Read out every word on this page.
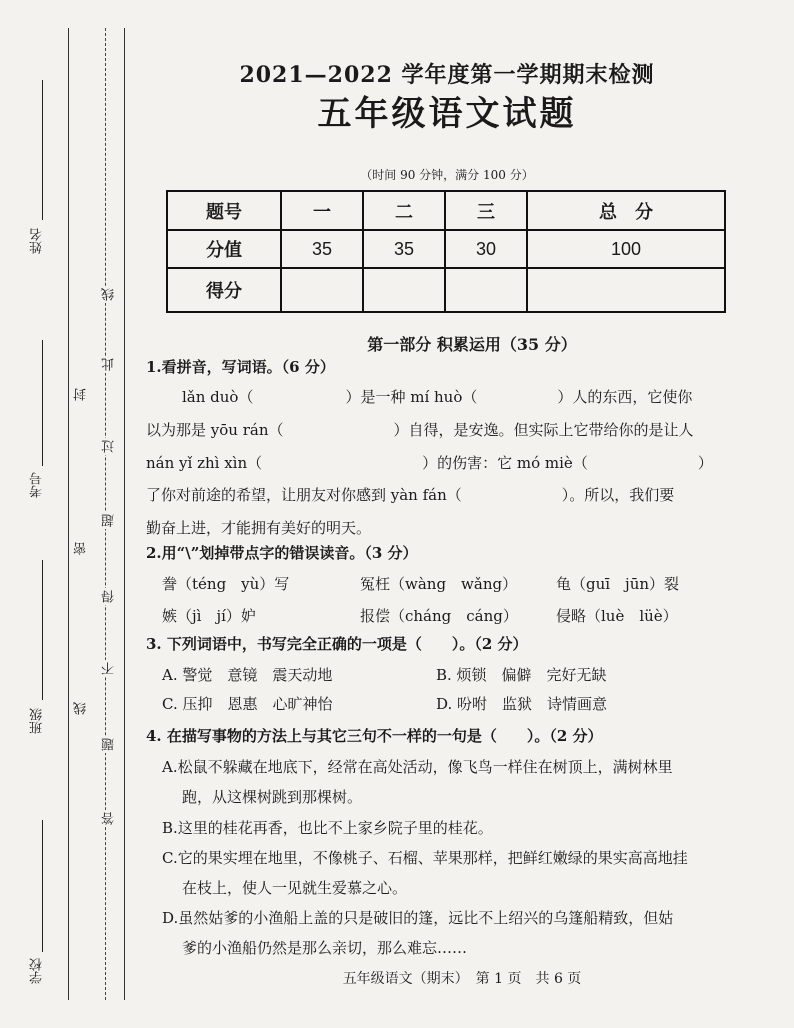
姓名
考号
班级
学校
线
封
密
此
过
超
得
不
题
答
线
2021—2022 学年度第一学期期末检测
五年级语文试题
（时间 90 分钟，满分 100 分）
题号	一	二	三	总　分
分值	35	35	30	100
得分				
第一部分 积累运用（35 分）
1.看拼音，写词语。（6 分）
lǎn duò（	）是一种 mí huò（	）人的东西，它使你
以为那是 yōu rán（	）自得，是安逸。但实际上它带给你的是让人
nán yǐ zhì xìn（	）的伤害：它 mó miè（	）
了你对前途的希望，让朋友对你感到 yàn fán（	）。所以，我们要
勤奋上进，才能拥有美好的明天。
2.用“\”划掉带点字的错误读音。（3 分）
誊（téng　yù）写	冤枉（wàng　wǎng）	龟（guī　jūn）裂
嫉（jì　jí）妒	报偿（cháng　cáng）	侵略（luè　lüè）
3. 下列词语中，书写完全正确的一项是（　　）。（2 分）
A. 警觉　意镜　震天动地	B. 烦锁　偏僻　完好无缺
C. 压抑　恩惠　心旷神怡	D. 吩咐　监狱　诗情画意
4. 在描写事物的方法上与其它三句不一样的一句是（　　）。（2 分）
A.松鼠不躲藏在地底下，经常在高处活动，像飞鸟一样住在树顶上，满树林里
跑，从这棵树跳到那棵树。
B.这里的桂花再香，也比不上家乡院子里的桂花。
C.它的果实埋在地里，不像桃子、石榴、苹果那样，把鲜红嫩绿的果实高高地挂
在枝上，使人一见就生爱慕之心。
D.虽然姑爹的小渔船上盖的只是破旧的篷，远比不上绍兴的乌篷船精致，但姑
爹的小渔船仍然是那么亲切，那么难忘……
五年级语文（期末）　第 1 页　共 6 页
